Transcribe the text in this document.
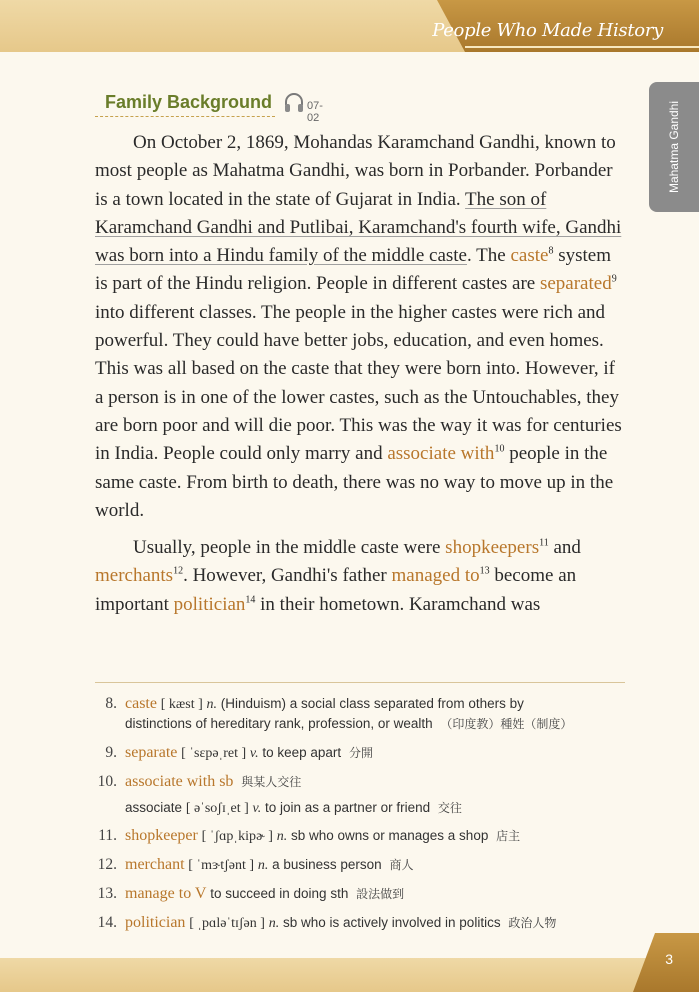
People Who Made History
Mahatma Gandhi
Family Background	07-02

On October 2, 1869, Mohandas Karamchand Gandhi, known to most people as Mahatma Gandhi, was born in Porbander. Porbander is a town located in the state of Gujarat in India. The son of Karamchand Gandhi and Putlibai, Karamchand's fourth wife, Gandhi was born into a Hindu family of the middle caste. The caste$^8$ system is part of the Hindu religion. People in different castes are separated$^9$ into different classes. The people in the higher castes were rich and powerful. They could have better jobs, education, and even homes. This was all based on the caste that they were born into. However, if a person is in one of the lower castes, such as the Untouchables, they are born poor and will die poor. This was the way it was for centuries in India. People could only marry and associate with$^{10}$ people in the same caste. From birth to death, there was no way to move up in the world.

Usually, people in the middle caste were shopkeepers$^{11}$ and merchants$^{12}$. However, Gandhi's father managed $to^{13}$ become an important politician$^{14}$ in their hometown. Karamchand was

8. caste [ kæst ] n. (Hinduism) a social class separated from others by
distinctions of hereditary rank, profession, or wealth （印度教）種姓（制度）
9. separate [ ˈsɛpəˌret ] v. to keep apart 分開
10. associate with sb 與某人交往
associate [ əˈsoʃɪˌet ] v. to join as a partner or friend 交往
11. shopkeeper [ ˈʃɑpˌkipɚ ] n. sb who owns or manages a shop 店主
12. merchant [ ˈmɝtʃənt ] n. a business person 商人
13. manage to V to succeed in doing sth 設法做到
14. politician [ ˌpɑləˈtɪʃən ] n. sb who is actively involved in politics 政治人物
3
